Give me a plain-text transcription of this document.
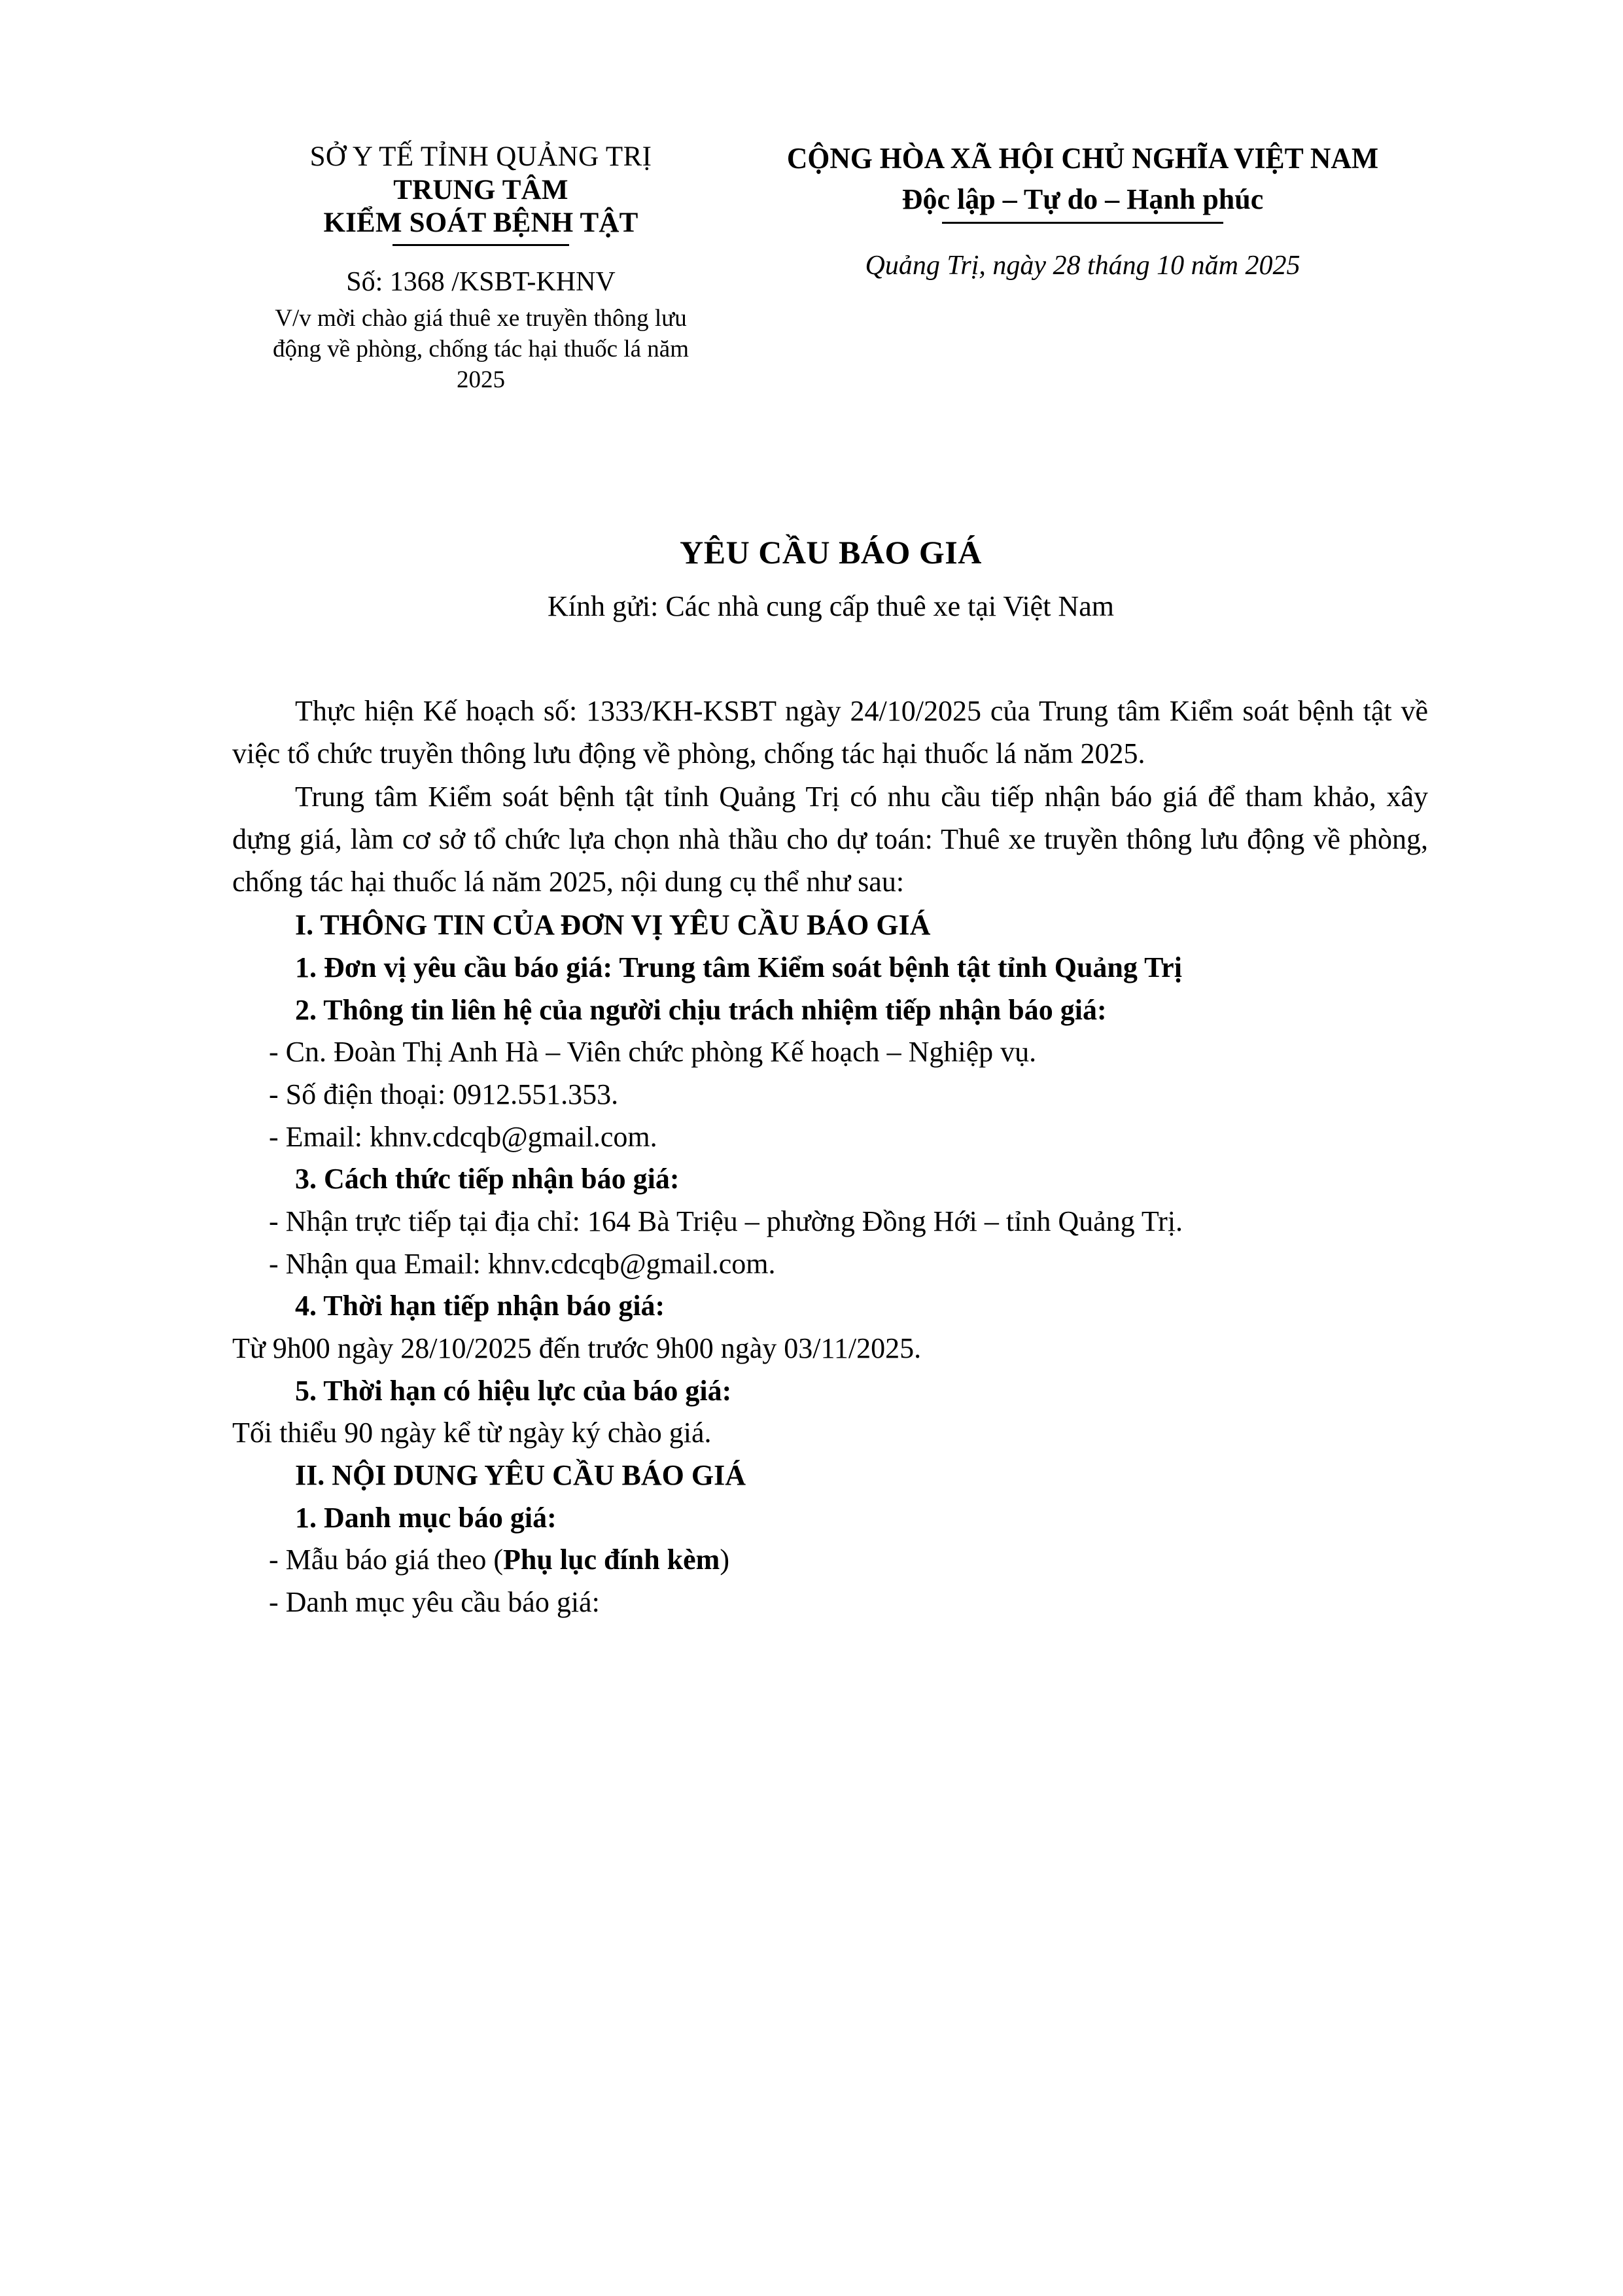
SỞ Y TẾ TỈNH QUẢNG TRỊ
TRUNG TÂM
KIỂM SOÁT BỆNH TẬT
Số: 1368 /KSBT-KHNV
V/v mời chào giá thuê xe truyền thông lưu động về phòng, chống tác hại thuốc lá năm 2025
CỘNG HÒA XÃ HỘI CHỦ NGHĨA VIỆT NAM
Độc lập – Tự do – Hạnh phúc
Quảng Trị, ngày 28 tháng 10 năm 2025
YÊU CẦU BÁO GIÁ
Kính gửi: Các nhà cung cấp thuê xe tại Việt Nam

Thực hiện Kế hoạch số: 1333/KH-KSBT ngày 24/10/2025 của Trung tâm Kiểm soát bệnh tật về việc tổ chức truyền thông lưu động về phòng, chống tác hại thuốc lá năm 2025.

Trung tâm Kiểm soát bệnh tật tỉnh Quảng Trị có nhu cầu tiếp nhận báo giá để tham khảo, xây dựng giá, làm cơ sở tổ chức lựa chọn nhà thầu cho dự toán: Thuê xe truyền thông lưu động về phòng, chống tác hại thuốc lá năm 2025, nội dung cụ thể như sau:

I. THÔNG TIN CỦA ĐƠN VỊ YÊU CẦU BÁO GIÁ

1. Đơn vị yêu cầu báo giá: Trung tâm Kiểm soát bệnh tật tỉnh Quảng Trị

2. Thông tin liên hệ của người chịu trách nhiệm tiếp nhận báo giá:

- Cn. Đoàn Thị Anh Hà – Viên chức phòng Kế hoạch – Nghiệp vụ.

- Số điện thoại: 0912.551.353.

- Email: khnv.cdcqb@gmail.com.

3. Cách thức tiếp nhận báo giá:

- Nhận trực tiếp tại địa chỉ: 164 Bà Triệu – phường Đồng Hới – tỉnh Quảng Trị.

- Nhận qua Email: khnv.cdcqb@gmail.com.

4. Thời hạn tiếp nhận báo giá:

Từ 9h00 ngày 28/10/2025 đến trước 9h00 ngày 03/11/2025.

5. Thời hạn có hiệu lực của báo giá:

Tối thiểu 90 ngày kể từ ngày ký chào giá.

II. NỘI DUNG YÊU CẦU BÁO GIÁ

1. Danh mục báo giá:

- Mẫu báo giá theo (Phụ lục đính kèm)

- Danh mục yêu cầu báo giá:
